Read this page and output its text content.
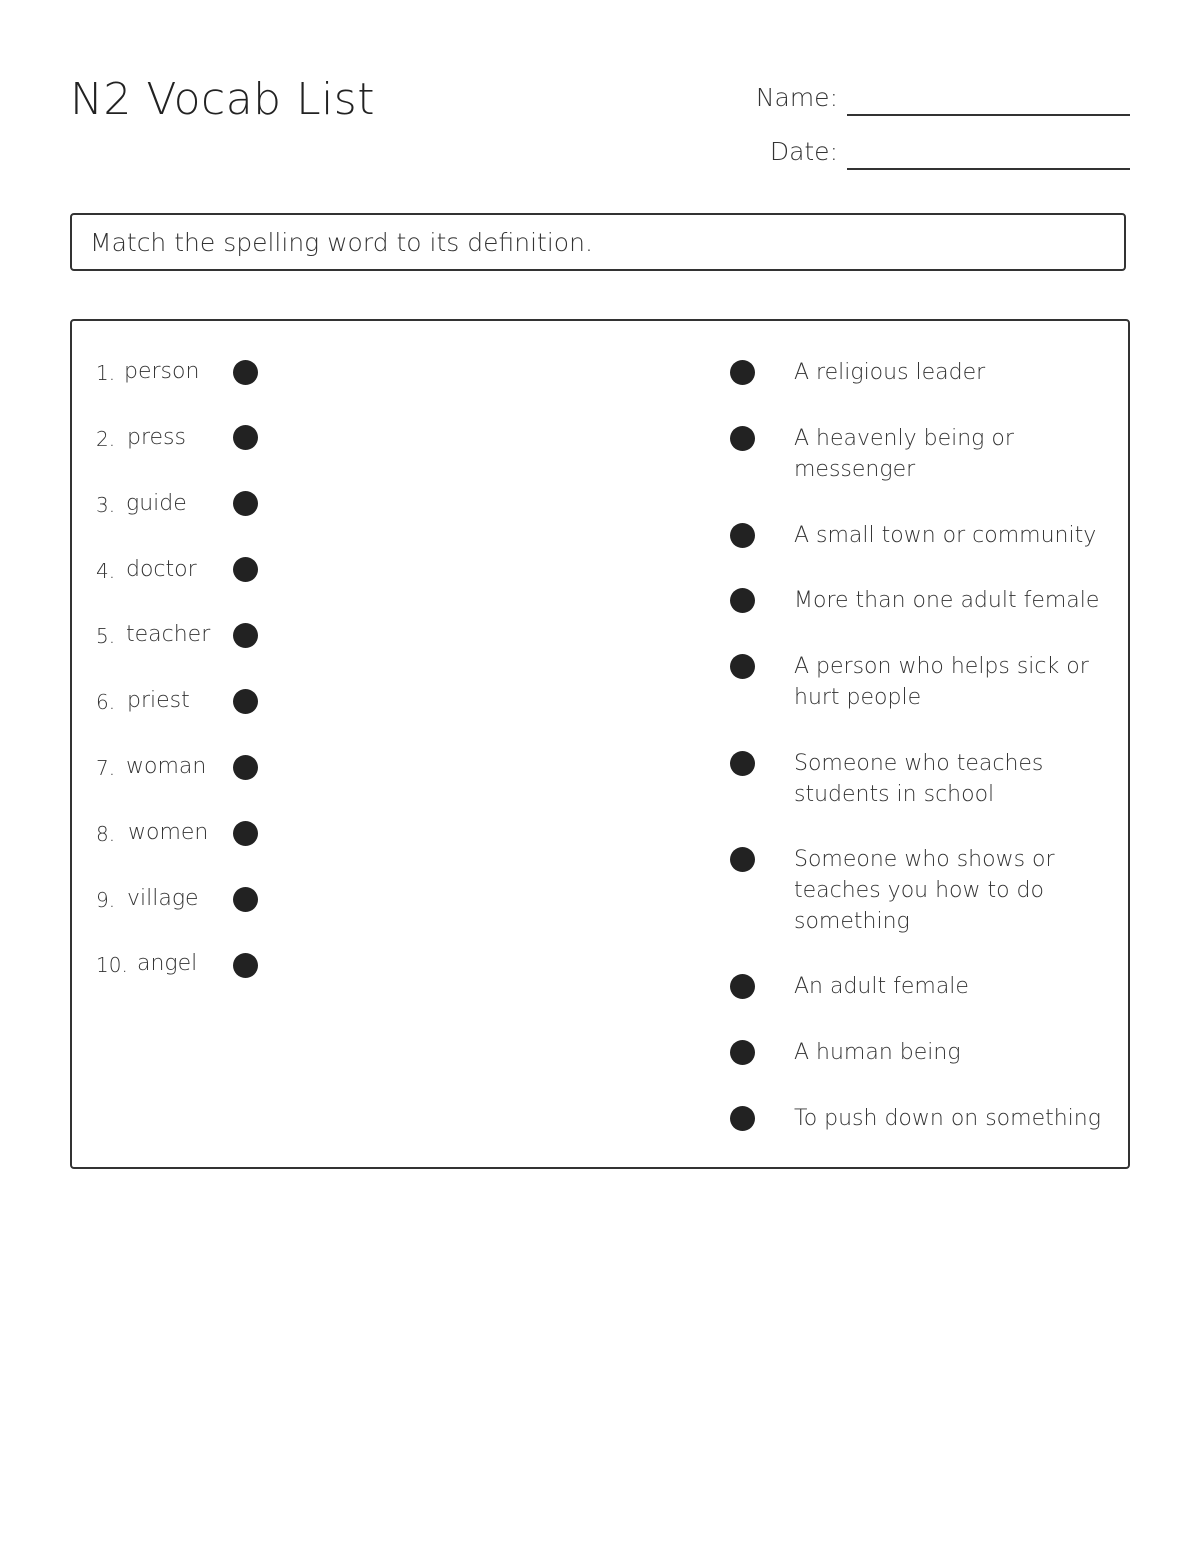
N2 Vocab List	Name:
Date:
Match the spelling word to its definition.
1. person
2. press
3. guide
4. doctor
5. teacher
6. priest
7. woman
8. women
9. village
10. angel
A religious leader
A heavenly being or messenger
A small town or community
More than one adult female
A person who helps sick or hurt people
Someone who teaches students in school
Someone who shows or teaches you how to do something
An adult female
A human being
To push down on something
